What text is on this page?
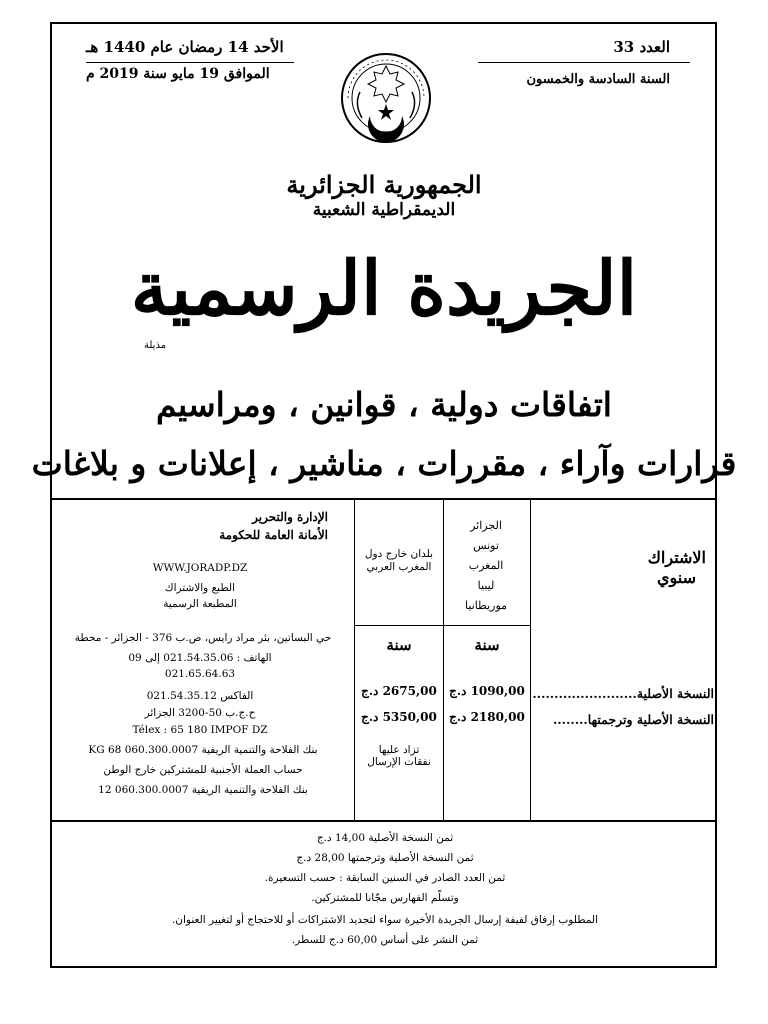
العدد 33
السنة السادسة والخمسون
الأحد 14 رمضان عام 1440 هـ
الموافق 19 مايو سنة 2019 م
الجمهورية الجزائرية
الديمقراطية الشعبية
الجريدة الرسمية
مذيلة
اتفاقات دولية ، قوانين ، ومراسيم
قرارات وآراء ، مقررات ، مناشير ، إعلانات و بلاغات
الإدارة والتحرير
الأمانة العامة للحكومة
WWW.JORADP.DZ
الطبع والاشتراك
المطبعة الرسمية
حي البساتين، بئر مراد رايس، ص.ب 376 - الجزائر - محطة
الهاتف : 021.54.35.06 إلى 09
021.65.64.63
الفاكس 021.54.35.12
ح.ج.ب 50-3200 الجزائر
Télex : 65 180 IMPOF DZ
بنك الفلاحة والتنمية الريفية 060.300.0007 68 KG
حساب العملة الأجنبية للمشتركين خارج الوطن
بنك الفلاحة والتنمية الريفية 060.300.0007 12
بلدان خارج دول المغرب العربي
سنة
2675,00 د.ج
5350,00 د.ج
تزاد عليها
نفقات الإرسال
الجزائر
تونس
المغرب
ليبيا
موريطانيا
سنة
1090,00 د.ج
2180,00 د.ج
الاشتراك
سنوي
النسخة الأصلية........................
النسخة الأصلية وترجمتها........
ثمن النسخة الأصلية 14,00 د.ج
ثمن النسخة الأصلية وترجمتها 28,00 د.ج
ثمن العدد الصادر في السنين السابقة : حسب التسعيرة.
وتسلّم الفهارس مجّانا للمشتركين.
المطلوب إرفاق لفيفة إرسال الجريدة الأخيرة سواء لتجديد الاشتراكات أو للاحتجاج أو لتغيير العنوان.
ثمن النشر على أساس 60,00 د.ج للسطر.
